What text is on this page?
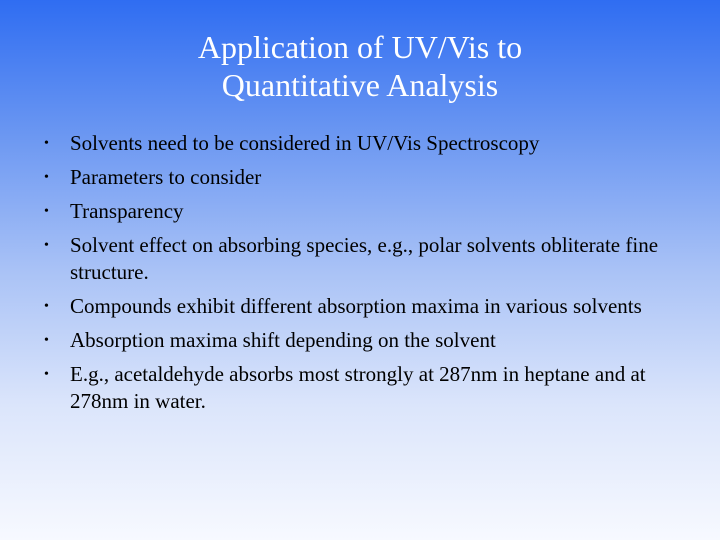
Application of UV/Vis to
Quantitative Analysis
•	Solvents need to be considered in UV/Vis Spectroscopy
•	Parameters to consider
•	Transparency
•	Solvent effect on absorbing species, e.g., polar solvents obliterate fine structure.
•	Compounds exhibit different absorption maxima in various solvents
•	Absorption maxima shift depending on the solvent
•	E.g., acetaldehyde absorbs most strongly at 287nm in heptane and at 278nm in water.
